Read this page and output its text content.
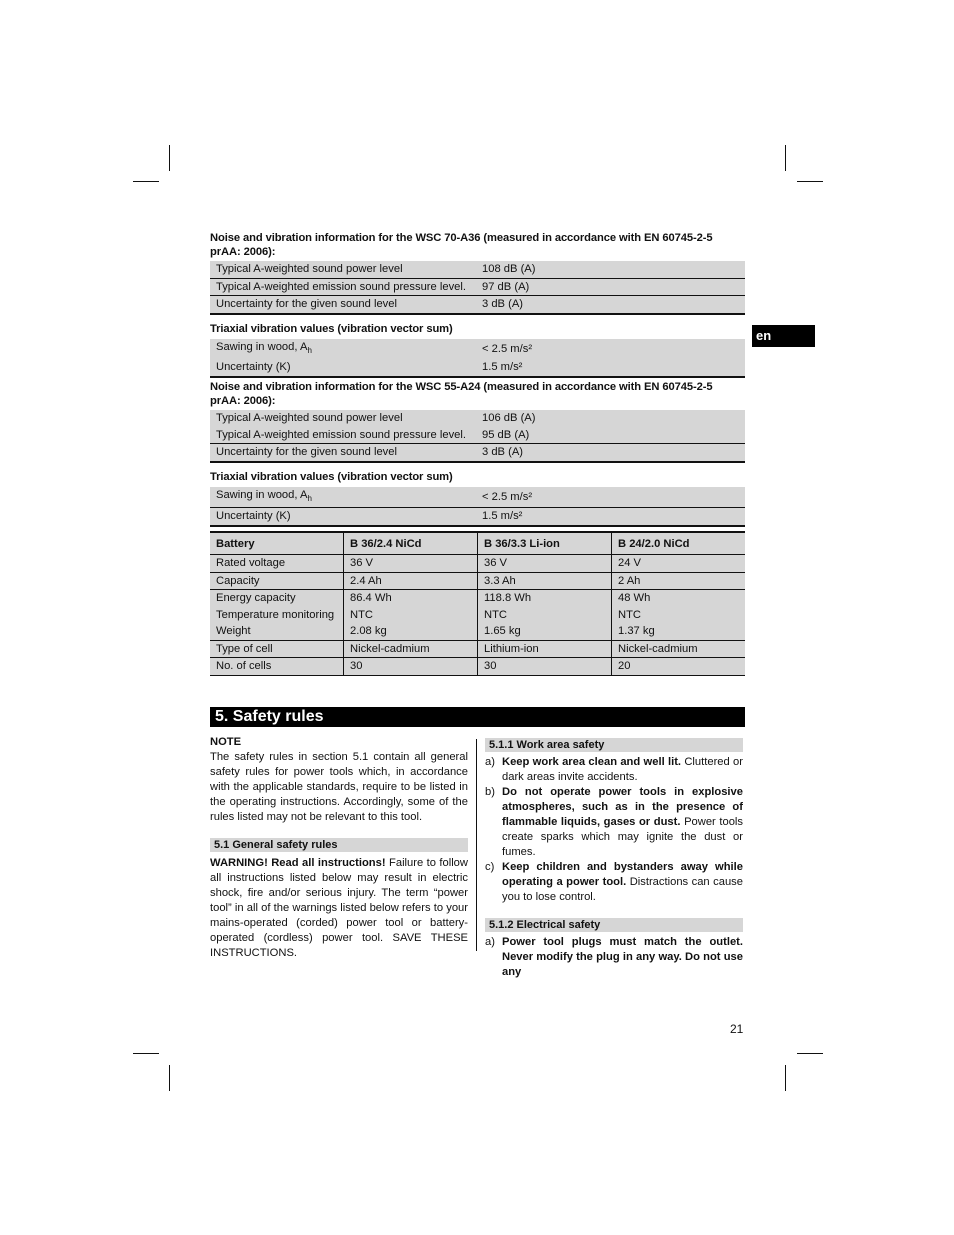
en
Noise and vibration information for the WSC 70-A36 (measured in accordance with EN 60745-2-5 prAA: 2006):
Typical A-weighted sound power level	108 dB (A)
Typical A-weighted emission sound pressure level.	97 dB (A)
Uncertainty for the given sound level	3 dB (A)
Triaxial vibration values (vibration vector sum)
Sawing in wood, $A_h$	< 2.5 m/s²
Uncertainty (K)	1.5 m/s²
Noise and vibration information for the WSC 55-A24 (measured in accordance with EN 60745-2-5 prAA: 2006):
Typical A-weighted sound power level	106 dB (A)
Typical A-weighted emission sound pressure level.	95 dB (A)
Uncertainty for the given sound level	3 dB (A)
Triaxial vibration values (vibration vector sum)
Sawing in wood, $A_h$	< 2.5 m/s²
Uncertainty (K)	1.5 m/s²
Battery	B 36/2.4 NiCd	B 36/3.3 Li-ion	B 24/2.0 NiCd
Rated voltage	36 V	36 V	24 V
Capacity	2.4 Ah	3.3 Ah	2 Ah
Energy capacity	86.4 Wh	118.8 Wh	48 Wh
Temperature monitoring	NTC	NTC	NTC
Weight	2.08 kg	1.65 kg	1.37 kg
Type of cell	Nickel-cadmium	Lithium-ion	Nickel-cadmium
No. of cells	30	30	20
5. Safety rules

NOTE

The safety rules in section 5.1 contain all general safety rules for power tools which, in accordance with the applicable standards, require to be listed in the operating instructions. Accordingly, some of the rules listed may not be relevant to this tool.

5.1 General safety rules

WARNING! Read all instructions! Failure to follow all instructions listed below may result in electric shock, fire and/or serious injury. The term “power tool” in all of the warnings listed below refers to your mains-operated (corded) power tool or battery-operated (cordless) power tool. SAVE THESE INSTRUCTIONS.

5.1.1 Work area safety
a) Keep work area clean and well lit. Cluttered or dark areas invite accidents.
b) Do not operate power tools in explosive atmospheres, such as in the presence of flammable liquids, gases or dust. Power tools create sparks which may ignite the dust or fumes.
c) Keep children and bystanders away while operating a power tool. Distractions can cause you to lose control.
5.1.2 Electrical safety
a) Power tool plugs must match the outlet. Never modify the plug in any way. Do not use any
21
